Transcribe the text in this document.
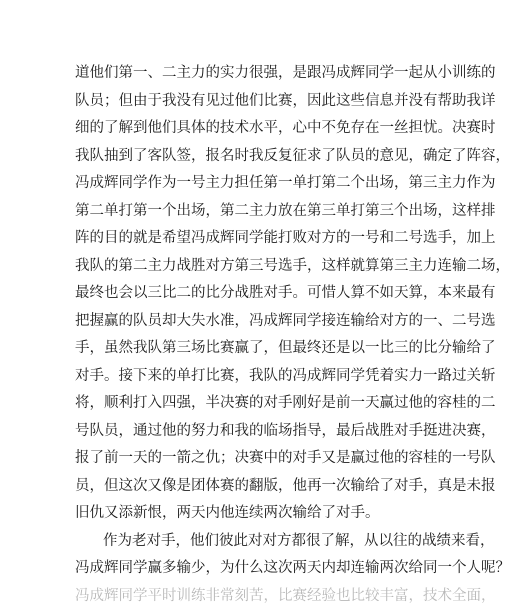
道他们第一、二主力的实力很强，是跟冯成辉同学一起从小训练的
队员；但由于我没有见过他们比赛，因此这些信息并没有帮助我详
细的了解到他们具体的技术水平，心中不免存在一丝担忧。决赛时
我队抽到了客队签，报名时我反复征求了队员的意见，确定了阵容，
冯成辉同学作为一号主力担任第一单打第二个出场，第三主力作为
第二单打第一个出场，第二主力放在第三单打第三个出场，这样排
阵的目的就是希望冯成辉同学能打败对方的一号和二号选手，加上
我队的第二主力战胜对方第三号选手，这样就算第三主力连输二场，
最终也会以三比二的比分战胜对手。可惜人算不如天算，本来最有
把握赢的队员却大失水准，冯成辉同学接连输给对方的一、二号选
手，虽然我队第三场比赛赢了，但最终还是以一比三的比分输给了
对手。接下来的单打比赛，我队的冯成辉同学凭着实力一路过关斩
将，顺利打入四强，半决赛的对手刚好是前一天赢过他的容桂的二
号队员，通过他的努力和我的临场指导，最后战胜对手挺进决赛，
报了前一天的一箭之仇；决赛中的对手又是赢过他的容桂的一号队
员，但这次又像是团体赛的翻版，他再一次输给了对手，真是未报
旧仇又添新恨，两天内他连续两次输给了对手。
作为老对手，他们彼此对对方都很了解，从以往的战绩来看，
冯成辉同学赢多输少，为什么这次两天内却连输两次给同一个人呢？
冯成辉同学平时训练非常刻苦，比赛经验也比较丰富，技术全面，
